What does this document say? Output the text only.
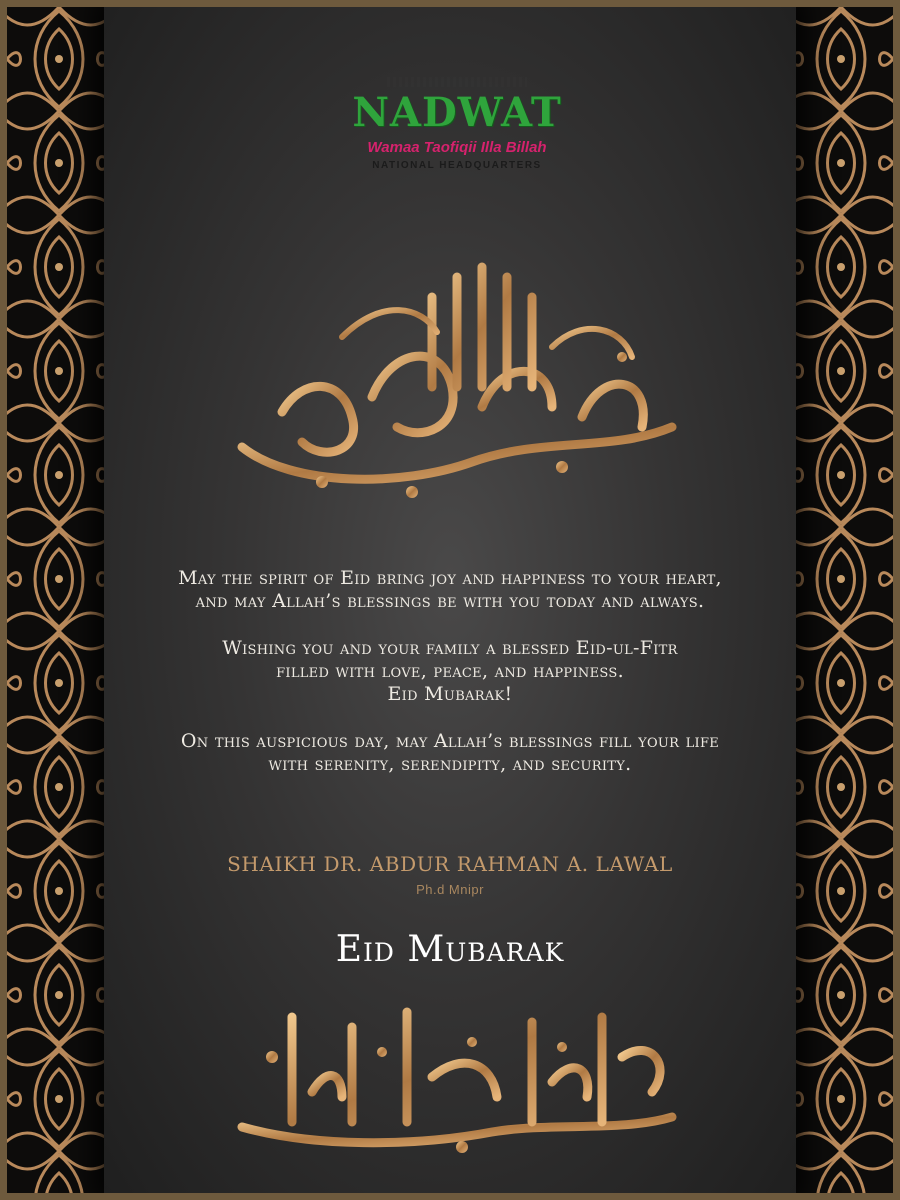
NADWAT
Wamaa Taofiqii Illa Billah
NATIONAL HEADQUARTERS

May the spirit of Eid bring joy and happiness to your heart,
and may Allah’s blessings be with you today and always.

Wishing you and your family a blessed Eid-ul-Fitr
filled with love, peace, and happiness.
Eid Mubarak!

On this auspicious day, may Allah’s blessings fill your life
with serenity, serendipity, and security.

SHAIKH DR. ABDUR RAHMAN A. LAWAL
Ph.d Mnipr
Eid Mubarak
